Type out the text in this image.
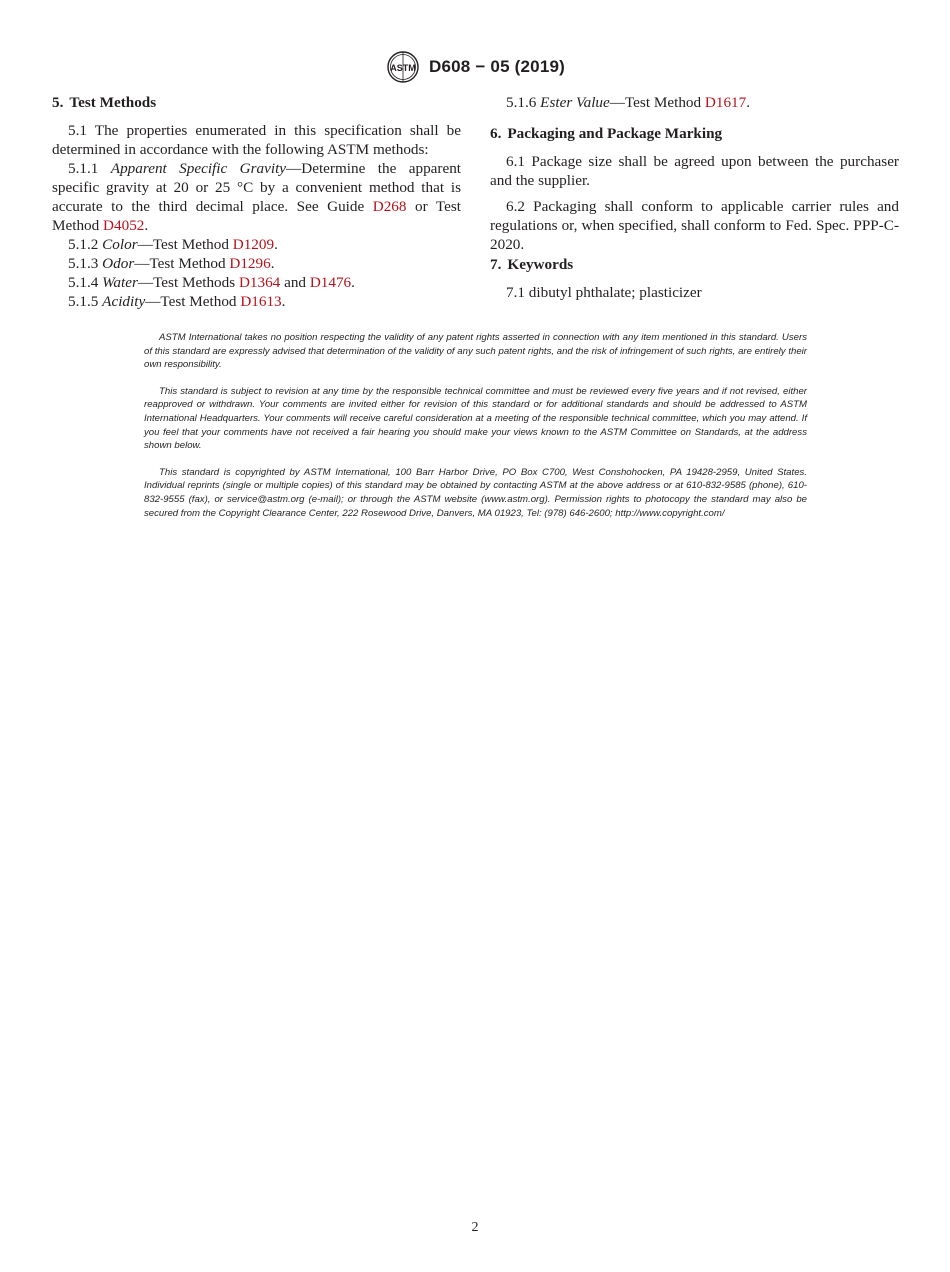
ASTM D608 − 05 (2019)
5. Test Methods

5.1 The properties enumerated in this specification shall be determined in accordance with the following ASTM methods:

5.1.1 Apparent Specific Gravity—Determine the apparent specific gravity at 20 or 25 °C by a convenient method that is accurate to the third decimal place. See Guide D268 or Test Method D4052.

5.1.2 Color—Test Method D1209.

5.1.3 Odor—Test Method D1296.

5.1.4 Water—Test Methods D1364 and D1476.

5.1.5 Acidity—Test Method D1613.

5.1.6 Ester Value—Test Method D1617.

6. Packaging and Package Marking

6.1 Package size shall be agreed upon between the purchaser and the supplier.

6.2 Packaging shall conform to applicable carrier rules and regulations or, when specified, shall conform to Fed. Spec. PPP-C-2020.

7. Keywords

7.1 dibutyl phthalate; plasticizer

ASTM International takes no position respecting the validity of any patent rights asserted in connection with any item mentioned in this standard. Users of this standard are expressly advised that determination of the validity of any such patent rights, and the risk of infringement of such rights, are entirely their own responsibility.

This standard is subject to revision at any time by the responsible technical committee and must be reviewed every five years and if not revised, either reapproved or withdrawn. Your comments are invited either for revision of this standard or for additional standards and should be addressed to ASTM International Headquarters. Your comments will receive careful consideration at a meeting of the responsible technical committee, which you may attend. If you feel that your comments have not received a fair hearing you should make your views known to the ASTM Committee on Standards, at the address shown below.

This standard is copyrighted by ASTM International, 100 Barr Harbor Drive, PO Box C700, West Conshohocken, PA 19428-2959, United States. Individual reprints (single or multiple copies) of this standard may be obtained by contacting ASTM at the above address or at 610-832-9585 (phone), 610-832-9555 (fax), or service@astm.org (e-mail); or through the ASTM website (www.astm.org). Permission rights to photocopy the standard may also be secured from the Copyright Clearance Center, 222 Rosewood Drive, Danvers, MA 01923, Tel: (978) 646-2600; http://www.copyright.com/

2
